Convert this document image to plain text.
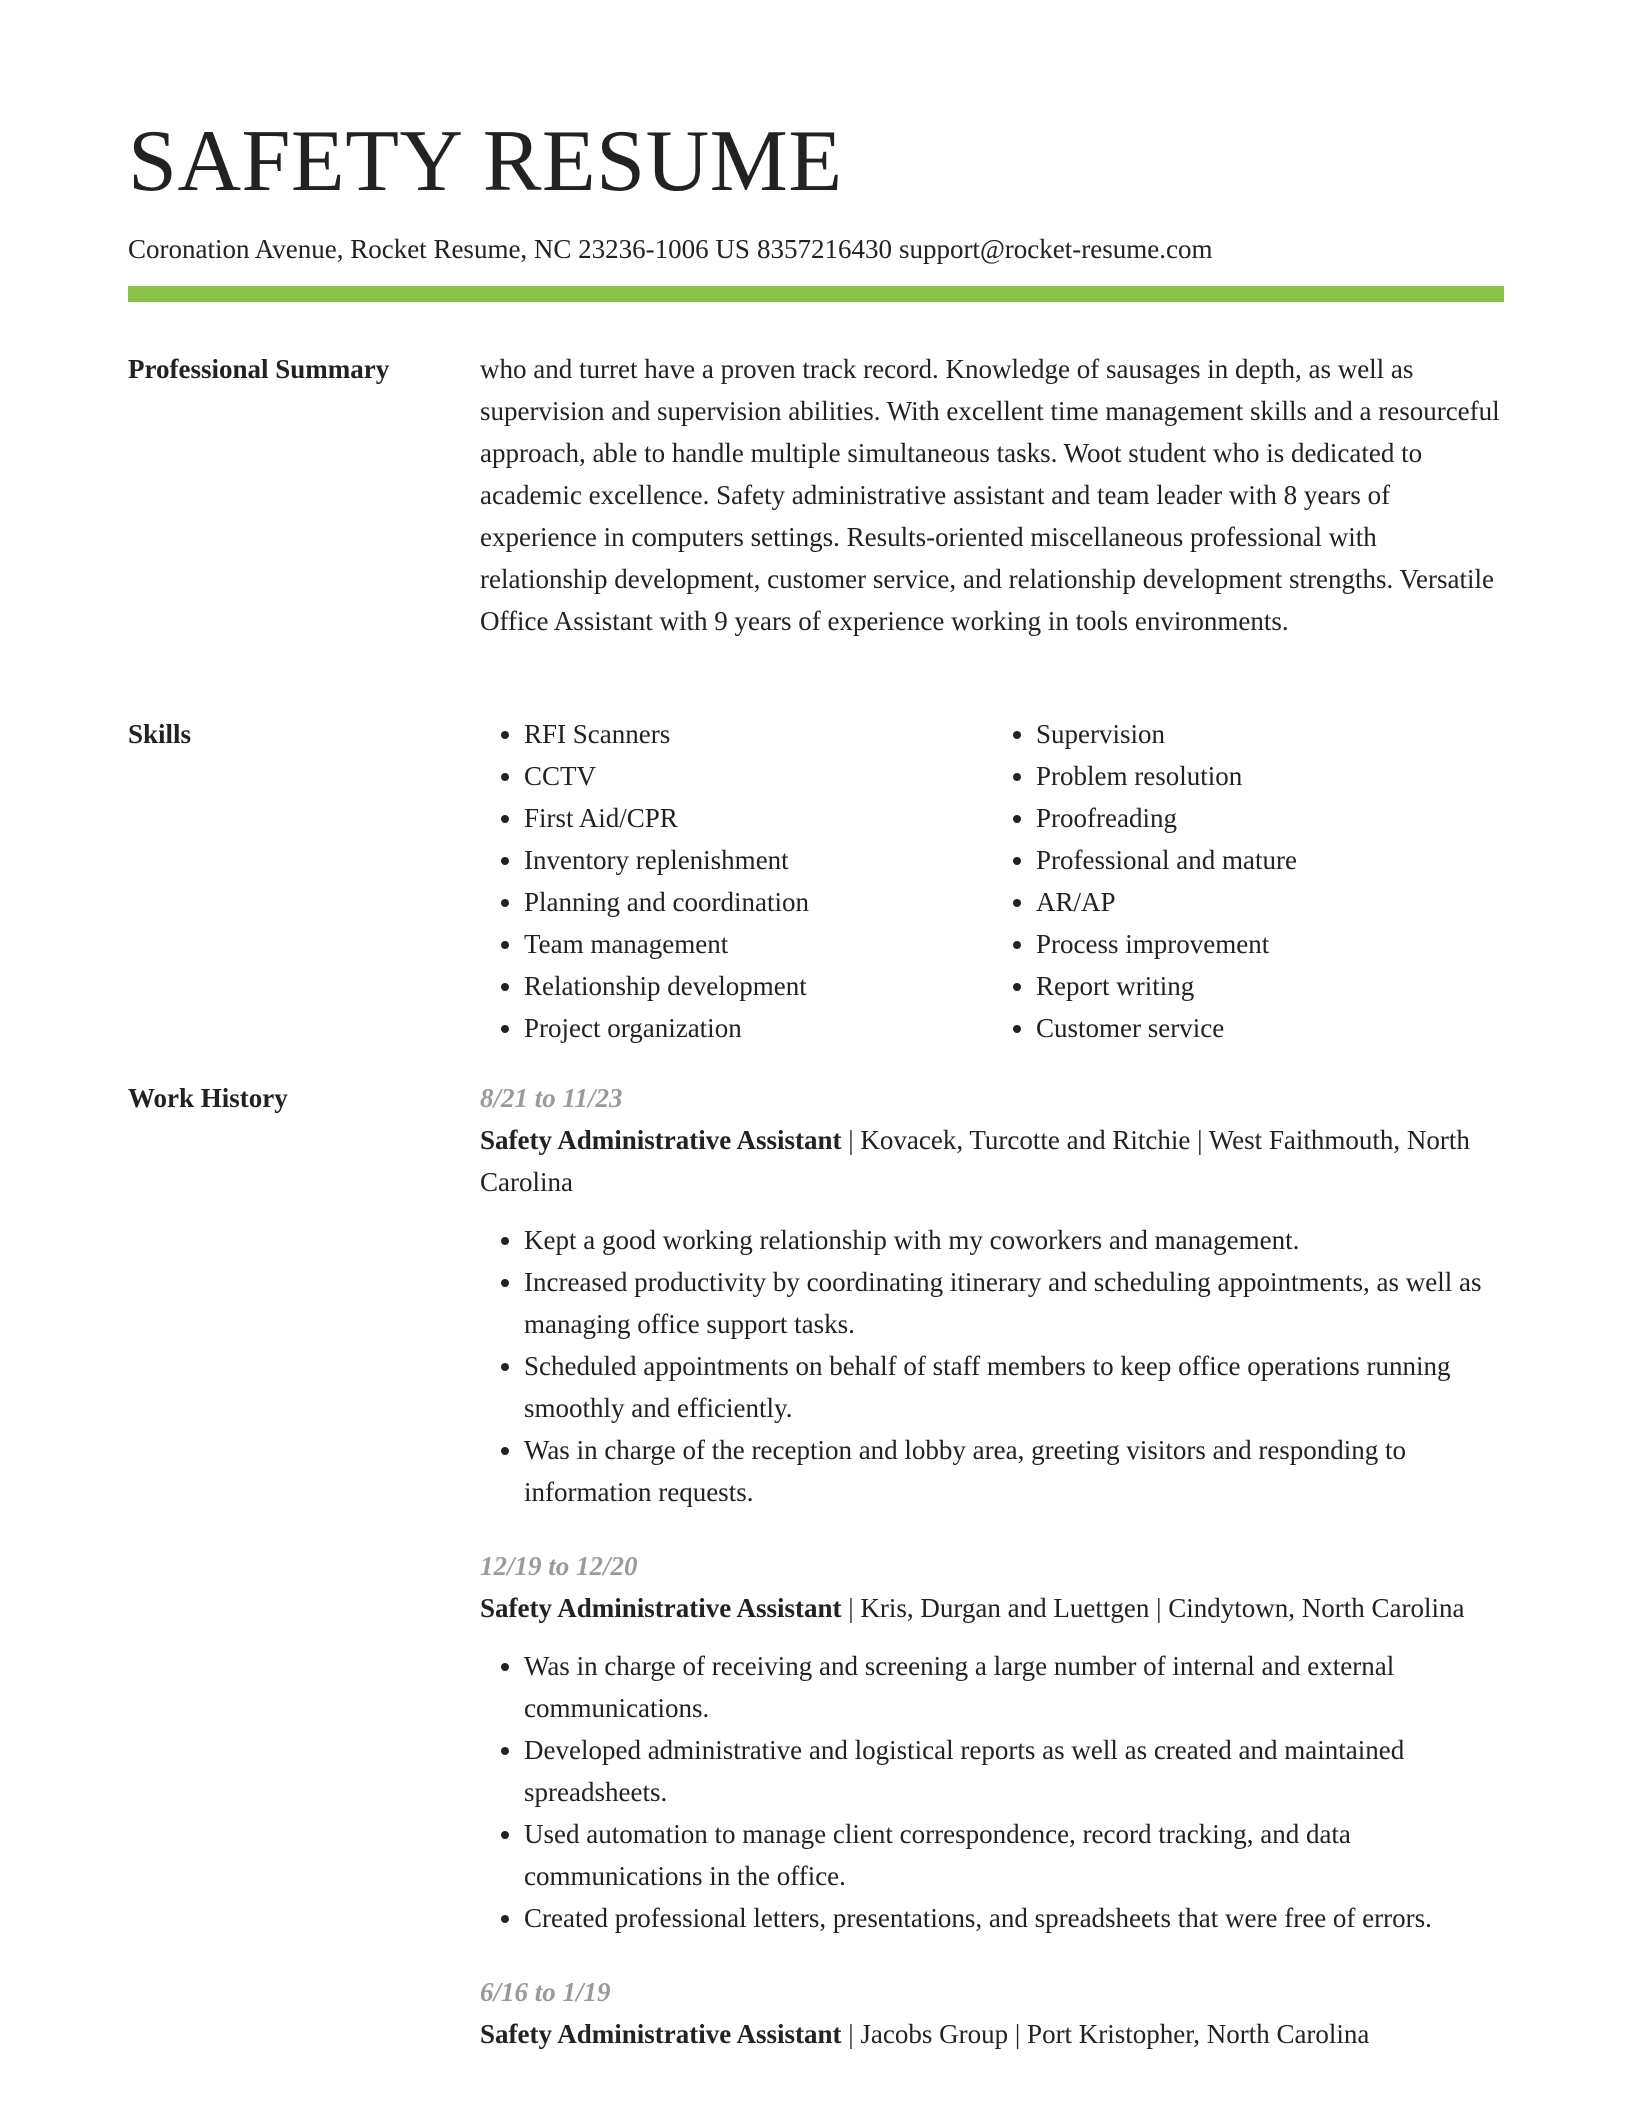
SAFETY RESUME
Coronation Avenue, Rocket Resume, NC 23236-1006 US 8357216430 support@rocket-resume.com
Professional Summary	who and turret have a proven track record. Knowledge of sausages in depth, as well as supervision and supervision abilities. With excellent time management skills and a resourceful approach, able to handle multiple simultaneous tasks. Woot student who is dedicated to academic excellence. Safety administrative assistant and team leader with 8 years of experience in computers settings. Results-oriented miscellaneous professional with relationship development, customer service, and relationship development strengths. Versatile Office Assistant with 9 years of experience working in tools environments.

Skills
•	RFI Scanners
• CCTV
• First Aid/CPR
• Inventory replenishment
• Planning and coordination
• Team management
• Relationship development
• Project organization
• Supervision
• Problem resolution
• Proofreading
• Professional and mature
• AR/AP
• Process improvement
• Report writing
• Customer service
Work History	8/21 to 11/23
Safety Administrative Assistant | Kovacek, Turcotte and Ritchie | West Faithmouth, North Carolina
• Kept a good working relationship with my coworkers and management.
• Increased productivity by coordinating itinerary and scheduling appointments, as well as managing office support tasks.
• Scheduled appointments on behalf of staff members to keep office operations running smoothly and efficiently.
• Was in charge of the reception and lobby area, greeting visitors and responding to information requests.
12/19 to 12/20
Safety Administrative Assistant | Kris, Durgan and Luettgen | Cindytown, North Carolina
• Was in charge of receiving and screening a large number of internal and external communications.
• Developed administrative and logistical reports as well as created and maintained spreadsheets.
• Used automation to manage client correspondence, record tracking, and data communications in the office.
• Created professional letters, presentations, and spreadsheets that were free of errors.
6/16 to 1/19
Safety Administrative Assistant | Jacobs Group | Port Kristopher, North Carolina
